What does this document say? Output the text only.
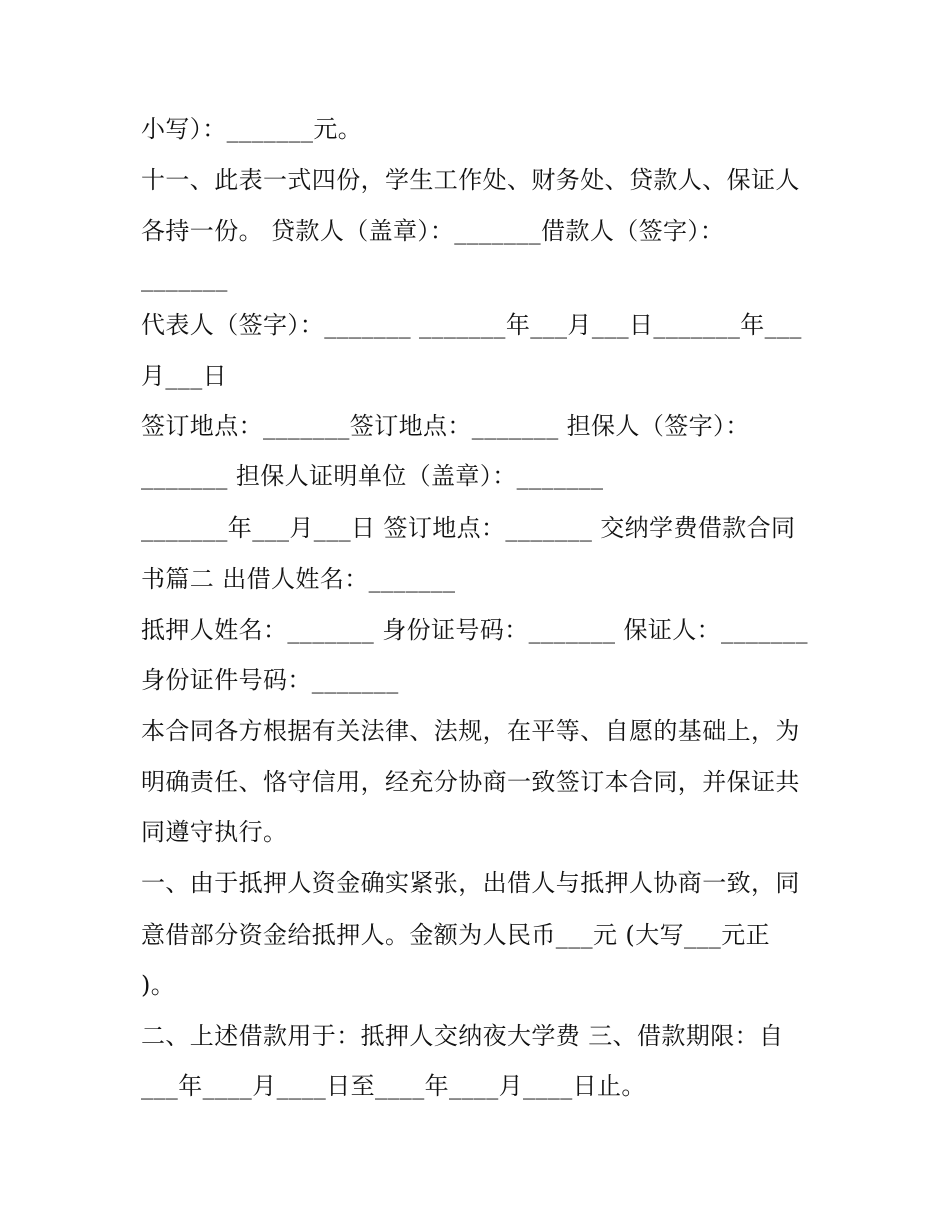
小写）：_______元。
十一、此表一式四份，学生工作处、财务处、贷款人、保证人
各持一份。 贷款人（盖章）：_______借款人（签字）：
_______
代表人（签字）：_______ _______年___月___日_______年___
月___日
签订地点：_______签订地点：_______ 担保人（签字）：
_______ 担保人证明单位（盖章）：_______
_______年___月___日 签订地点：_______ 交纳学费借款合同
书篇二 出借人姓名：_______
抵押人姓名：_______ 身份证号码：_______ 保证人：_______
身份证件号码：_______
本合同各方根据有关法律、法规，在平等、自愿的基础上，为
明确责任、恪守信用，经充分协商一致签订本合同，并保证共
同遵守执行。
一、由于抵押人资金确实紧张，出借人与抵押人协商一致，同
意借部分资金给抵押人。金额为人民币___元 (大写___元正
)。
二、上述借款用于：抵押人交纳夜大学费 三、借款期限：自
___年____月____日至____年____月____日止。
